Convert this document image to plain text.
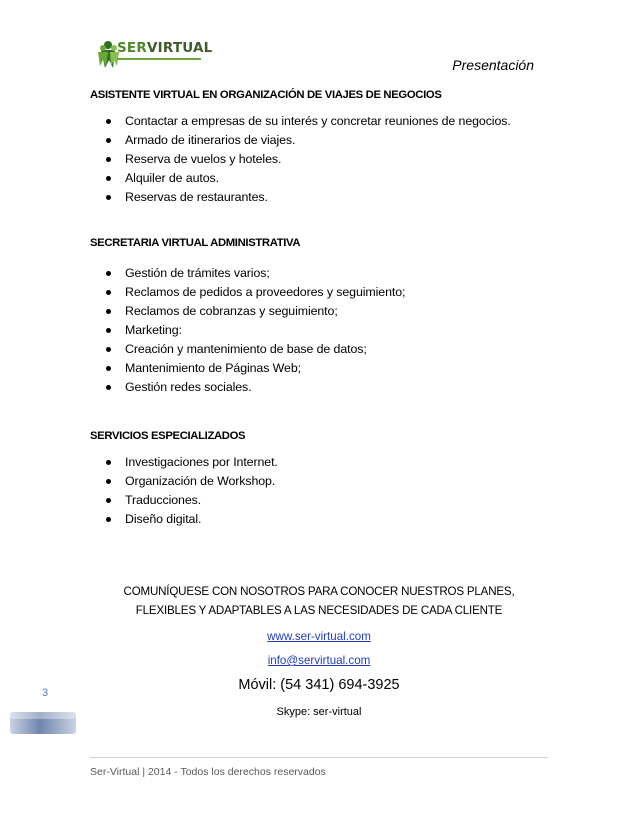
SERVIRTUAL
Presentación
ASISTENTE VIRTUAL EN ORGANIZACIÓN DE VIAJES DE NEGOCIOS
Contactar a empresas de su interés y concretar reuniones de negocios.
Armado de itinerarios de viajes.
Reserva de vuelos y hoteles.
Alquiler de autos.
Reservas de restaurantes.
SECRETARIA VIRTUAL ADMINISTRATIVA
Gestión de trámites varios;
Reclamos de pedidos a proveedores y seguimiento;
Reclamos de cobranzas y seguimiento;
Marketing:
Creación y mantenimiento de base de datos;
Mantenimiento de Páginas Web;
Gestión redes sociales.
SERVICIOS ESPECIALIZADOS
Investigaciones por Internet.
Organización de Workshop.
Traducciones.
Diseño digital.
COMUNÍQUESE CON NOSOTROS PARA CONOCER NUESTROS PLANES,
FLEXIBLES Y ADAPTABLES A LAS NECESIDADES DE CADA CLIENTE
www.ser-virtual.com
info@servirtual.com
Móvil: (54 341) 694-3925
Skype: ser-virtual
3
Ser-Virtual | 2014 - Todos los derechos reservados
